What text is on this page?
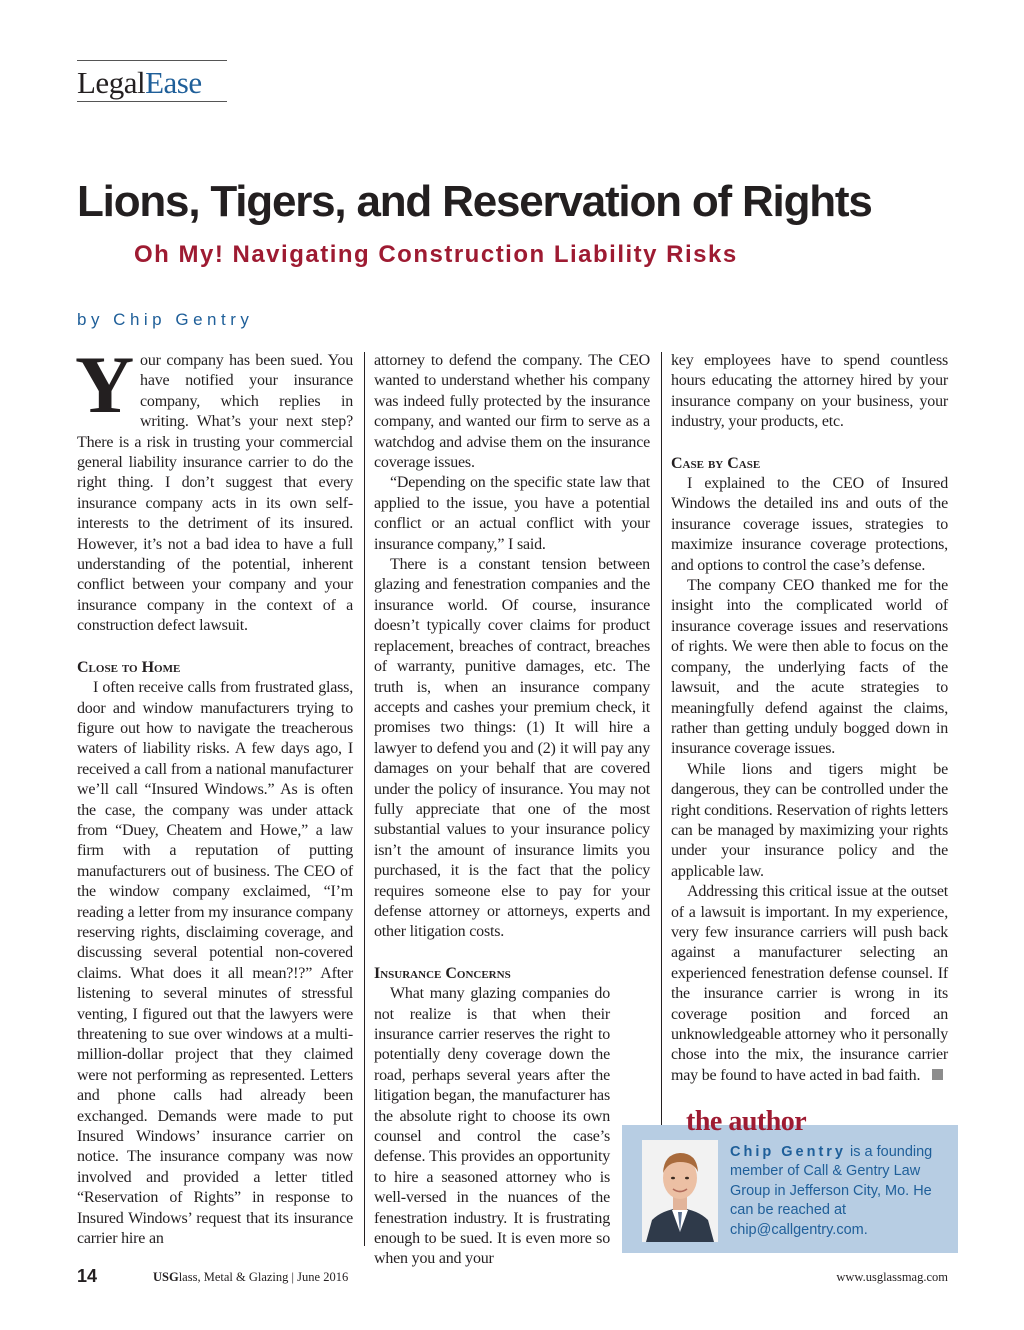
LegalEase
Lions, Tigers, and Reservation of Rights
Oh My! Navigating Construction Liability Risks
by Chip Gentry

Your company has been sued. You have notified your insurance company, which replies in writing. What’s your next step? There is a risk in trusting your commercial general liability insurance carrier to do the right thing. I don’t suggest that every insurance company acts in its own self-interests to the detriment of its insured. However, it’s not a bad idea to have a full understanding of the potential, inherent conflict between your company and your insurance company in the context of a construction defect lawsuit.

Close to Home

I often receive calls from frustrated glass, door and window manufacturers trying to figure out how to navigate the treacherous waters of liability risks. A few days ago, I received a call from a national manufacturer we’ll call “Insured Windows.” As is often the case, the company was under attack from “Duey, Cheatem and Howe,” a law firm with a reputation of putting manufacturers out of business. The CEO of the window company exclaimed, “I’m reading a letter from my insurance company reserving rights, disclaiming coverage, and discussing several potential non-covered claims. What does it all mean?!?” After listening to several minutes of stressful venting, I figured out that the lawyers were threatening to sue over windows at a multi-million-dollar project that they claimed were not performing as represented. Letters and phone calls had already been exchanged. Demands were made to put Insured Windows’ insurance carrier on notice. The insurance company was now involved and provided a letter titled “Reservation of Rights” in response to Insured Windows’ request that its insurance carrier hire an

attorney to defend the company. The CEO wanted to understand whether his company was indeed fully protected by the insurance company, and wanted our firm to serve as a watchdog and advise them on the insurance coverage issues.

“Depending on the specific state law that applied to the issue, you have a potential conflict or an actual conflict with your insurance company,” I said.

There is a constant tension between glazing and fenestration companies and the insurance world. Of course, insurance doesn’t typically cover claims for product replacement, breaches of contract, breaches of warranty, punitive damages, etc. The truth is, when an insurance company accepts and cashes your premium check, it promises two things: (1) It will hire a lawyer to defend you and (2) it will pay any damages on your behalf that are covered under the policy of insurance. You may not fully appreciate that one of the most substantial values to your insurance policy isn’t the amount of insurance limits you purchased, it is the fact that the policy requires someone else to pay for your defense attorney or attorneys, experts and other litigation costs.

Insurance Concerns

What many glazing companies do not realize is that when their insurance carrier reserves the right to potentially deny coverage down the road, perhaps several years after the litigation began, the manufacturer has the absolute right to choose its own counsel and control the case’s defense. This provides an opportunity to hire a seasoned attorney who is well-versed in the nuances of the fenestration industry. It is frustrating enough to be sued. It is even more so when you and your

key employees have to spend countless hours educating the attorney hired by your insurance company on your business, your industry, your products, etc.

Case by Case

I explained to the CEO of Insured Windows the detailed ins and outs of the insurance coverage issues, strategies to maximize insurance coverage protections, and options to control the case’s defense.

The company CEO thanked me for the insight into the complicated world of insurance coverage issues and reservations of rights. We were then able to focus on the company, the underlying facts of the lawsuit, and the acute strategies to meaningfully defend against the claims, rather than getting unduly bogged down in insurance coverage issues.

While lions and tigers might be dangerous, they can be controlled under the right conditions. Reservation of rights letters can be managed by maximizing your rights under your insurance policy and the applicable law.

Addressing this critical issue at the outset of a lawsuit is important. In my experience, very few insurance carriers will push back against a manufacturer selecting an experienced fenestration defense counsel. If the insurance carrier is wrong in its coverage position and forced an unknowledgeable attorney who it personally chose into the mix, the insurance carrier may be found to have acted in bad faith.

the author

Chip Gentry is a founding member of Call & Gentry Law Group in Jefferson City, Mo. He can be reached at chip@callgentry.com.

14	USGlass, Metal & Glazing | June 2016	www.usglassmag.com
